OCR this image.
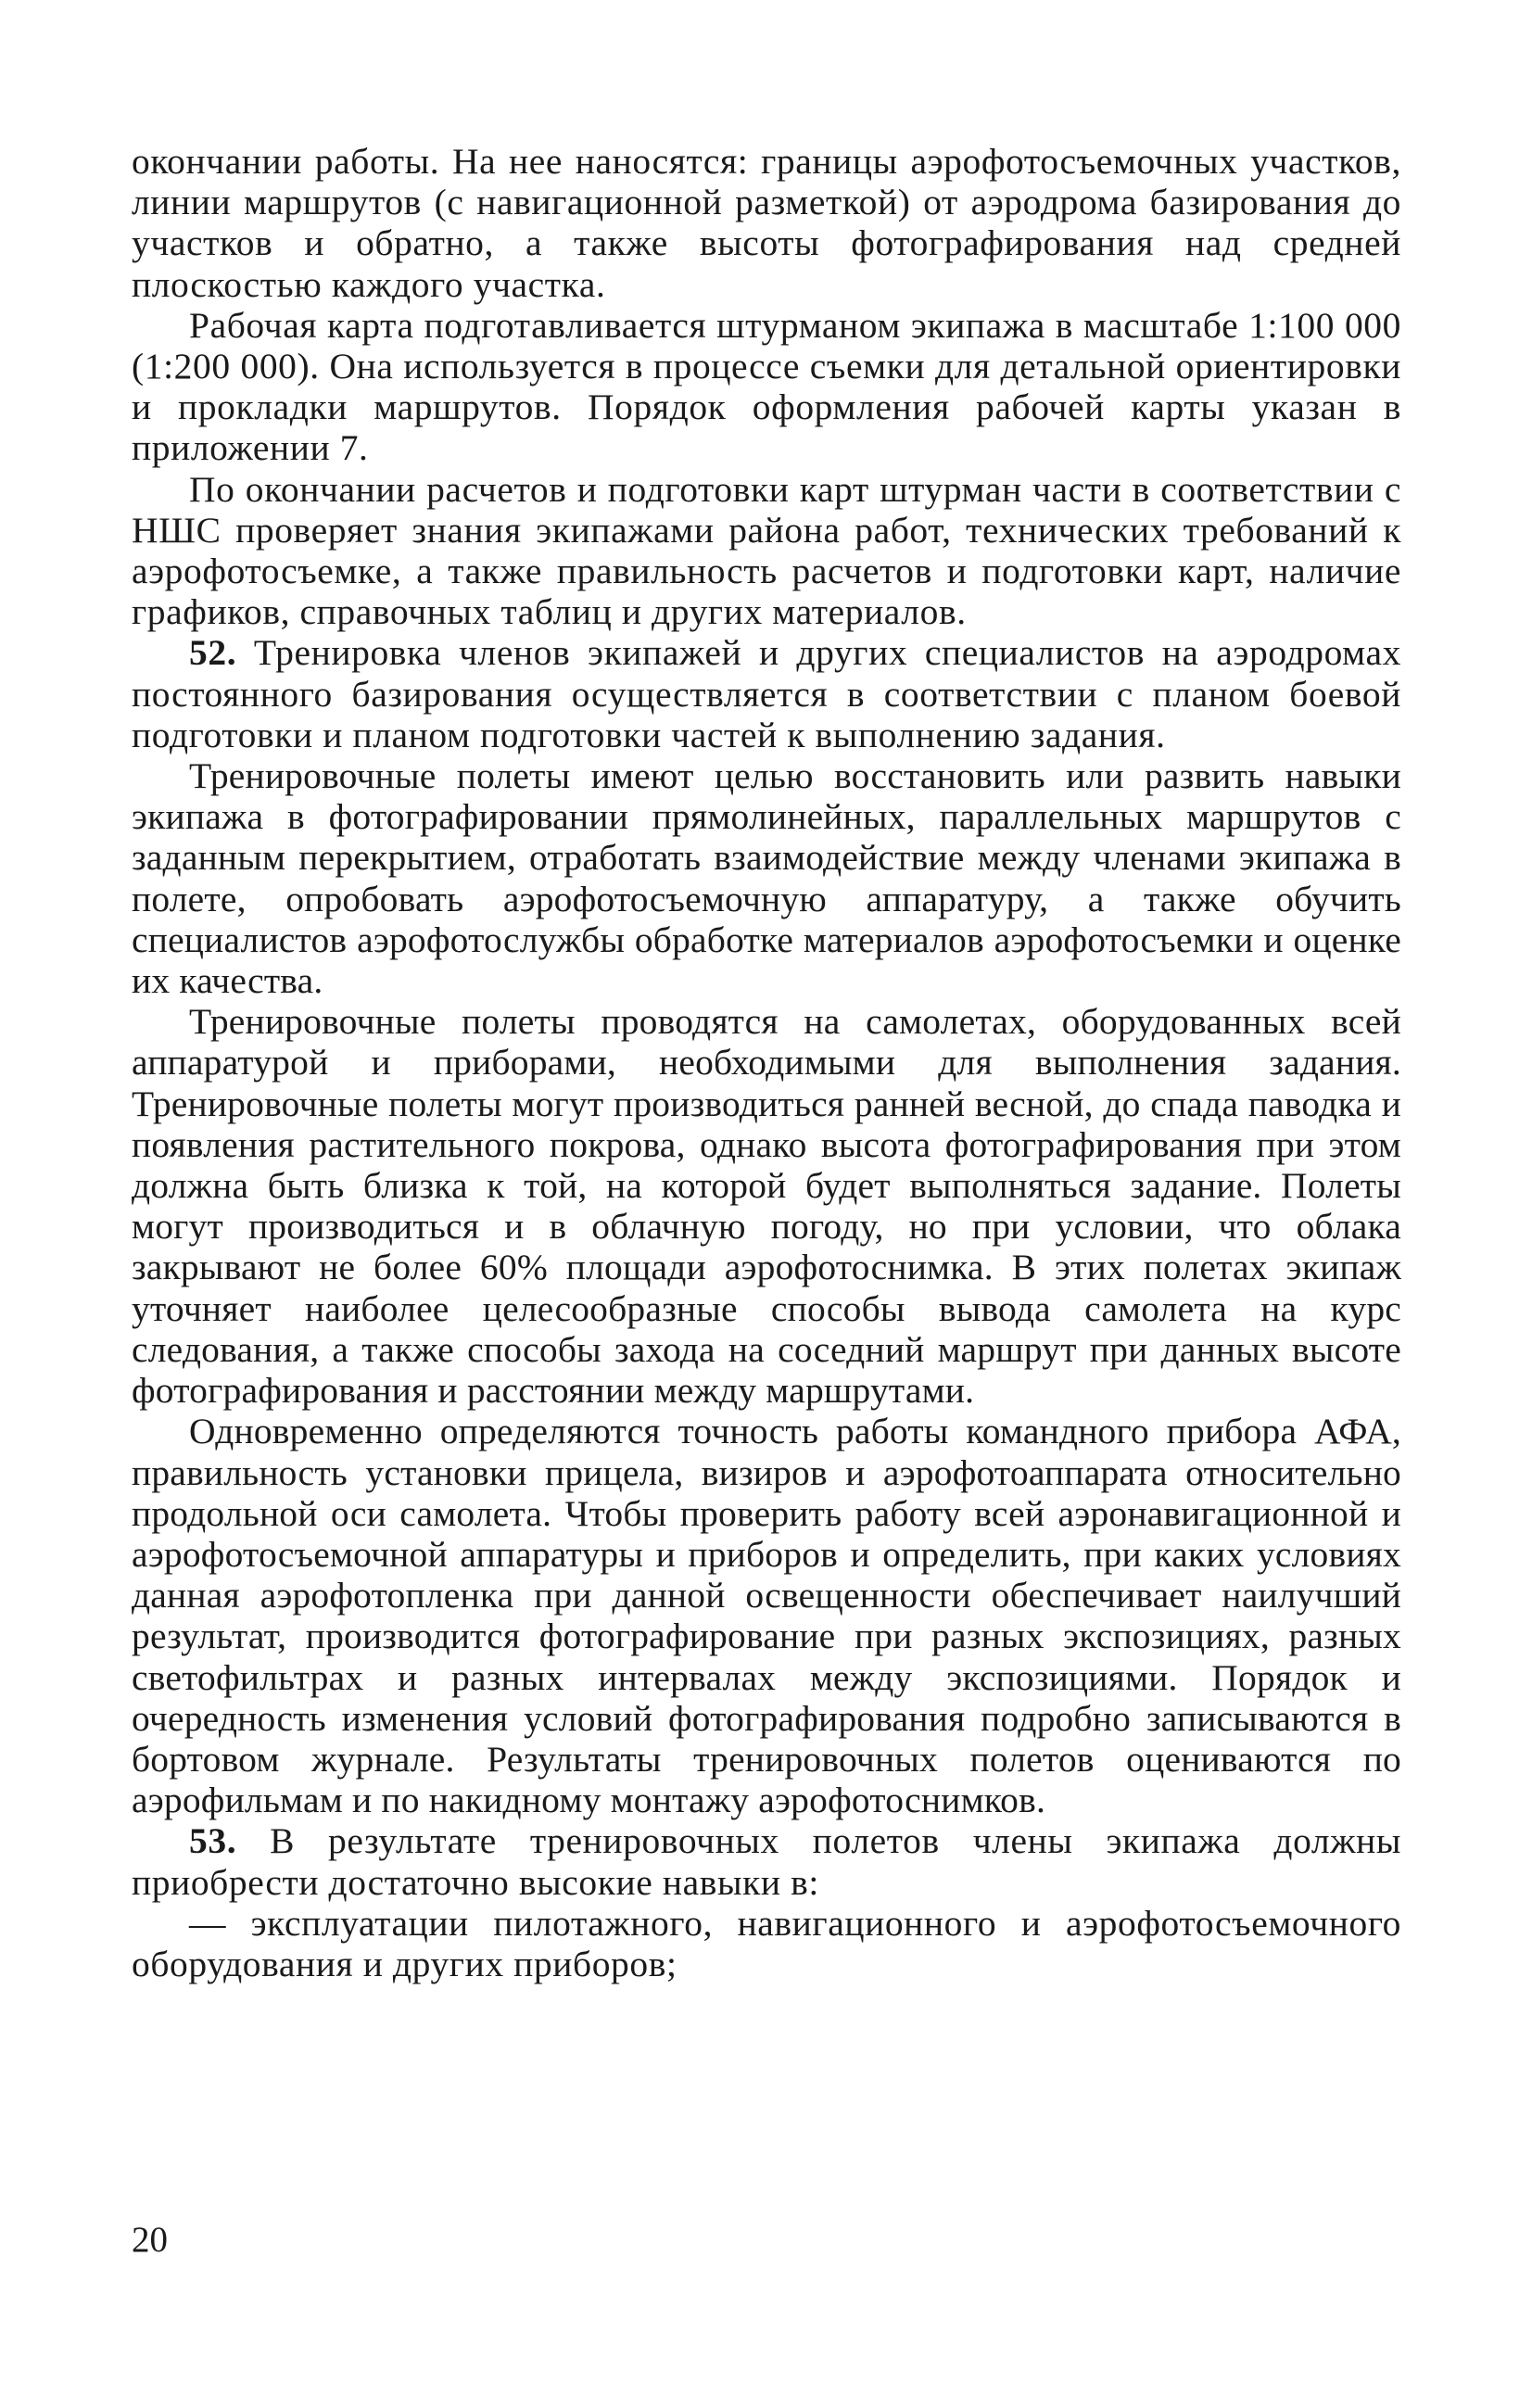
окончании работы. На нее наносятся: границы аэрофотосъемочных участков, линии маршрутов (с навигационной разметкой) от аэродрома базирования до участков и обратно, а также высоты фотографирования над средней плоскостью каждого участка.

Рабочая карта подготавливается штурманом экипажа в масштабе 1:100 000 (1:200 000). Она используется в процессе съемки для детальной ориентировки и прокладки маршрутов. Порядок оформления рабочей карты указан в приложении 7.

По окончании расчетов и подготовки карт штурман части в соответствии с НШС проверяет знания экипажами района работ, технических требований к аэрофотосъемке, а также правильность расчетов и подготовки карт, наличие графиков, справочных таблиц и других материалов.

52. Тренировка членов экипажей и других специалистов на аэродромах постоянного базирования осуществляется в соответствии с планом боевой подготовки и планом подготовки частей к выполнению задания.

Тренировочные полеты имеют целью восстановить или развить навыки экипажа в фотографировании прямолинейных, параллельных маршрутов с заданным перекрытием, отработать взаимодействие между членами экипажа в полете, опробовать аэрофотосъемочную аппаратуру, а также обучить специалистов аэрофотослужбы обработке материалов аэрофотосъемки и оценке их качества.

Тренировочные полеты проводятся на самолетах, оборудованных всей аппаратурой и приборами, необходимыми для выполнения задания. Тренировочные полеты могут производиться ранней весной, до спада паводка и появления растительного покрова, однако высота фотографирования при этом должна быть близка к той, на которой будет выполняться задание. Полеты могут производиться и в облачную погоду, но при условии, что облака закрывают не более 60% площади аэрофотоснимка. В этих полетах экипаж уточняет наиболее целесообразные способы вывода самолета на курс следования, а также способы захода на соседний маршрут при данных высоте фотографирования и расстоянии между маршрутами.

Одновременно определяются точность работы командного прибора АФА, правильность установки прицела, визиров и аэрофотоаппарата относительно продольной оси самолета. Чтобы проверить работу всей аэронавигационной и аэрофотосъемочной аппаратуры и приборов и определить, при каких условиях данная аэрофотопленка при данной освещенности обеспечивает наилучший результат, производится фотографирование при разных экспозициях, разных светофильтрах и разных интервалах между экспозициями. Порядок и очередность изменения условий фотографирования подробно записываются в бортовом журнале. Результаты тренировочных полетов оцениваются по аэрофильмам и по накидному монтажу аэрофотоснимков.

53. В результате тренировочных полетов члены экипажа должны приобрести достаточно высокие навыки в:

— эксплуатации пилотажного, навигационного и аэрофотосъемочного оборудования и других приборов;

20
